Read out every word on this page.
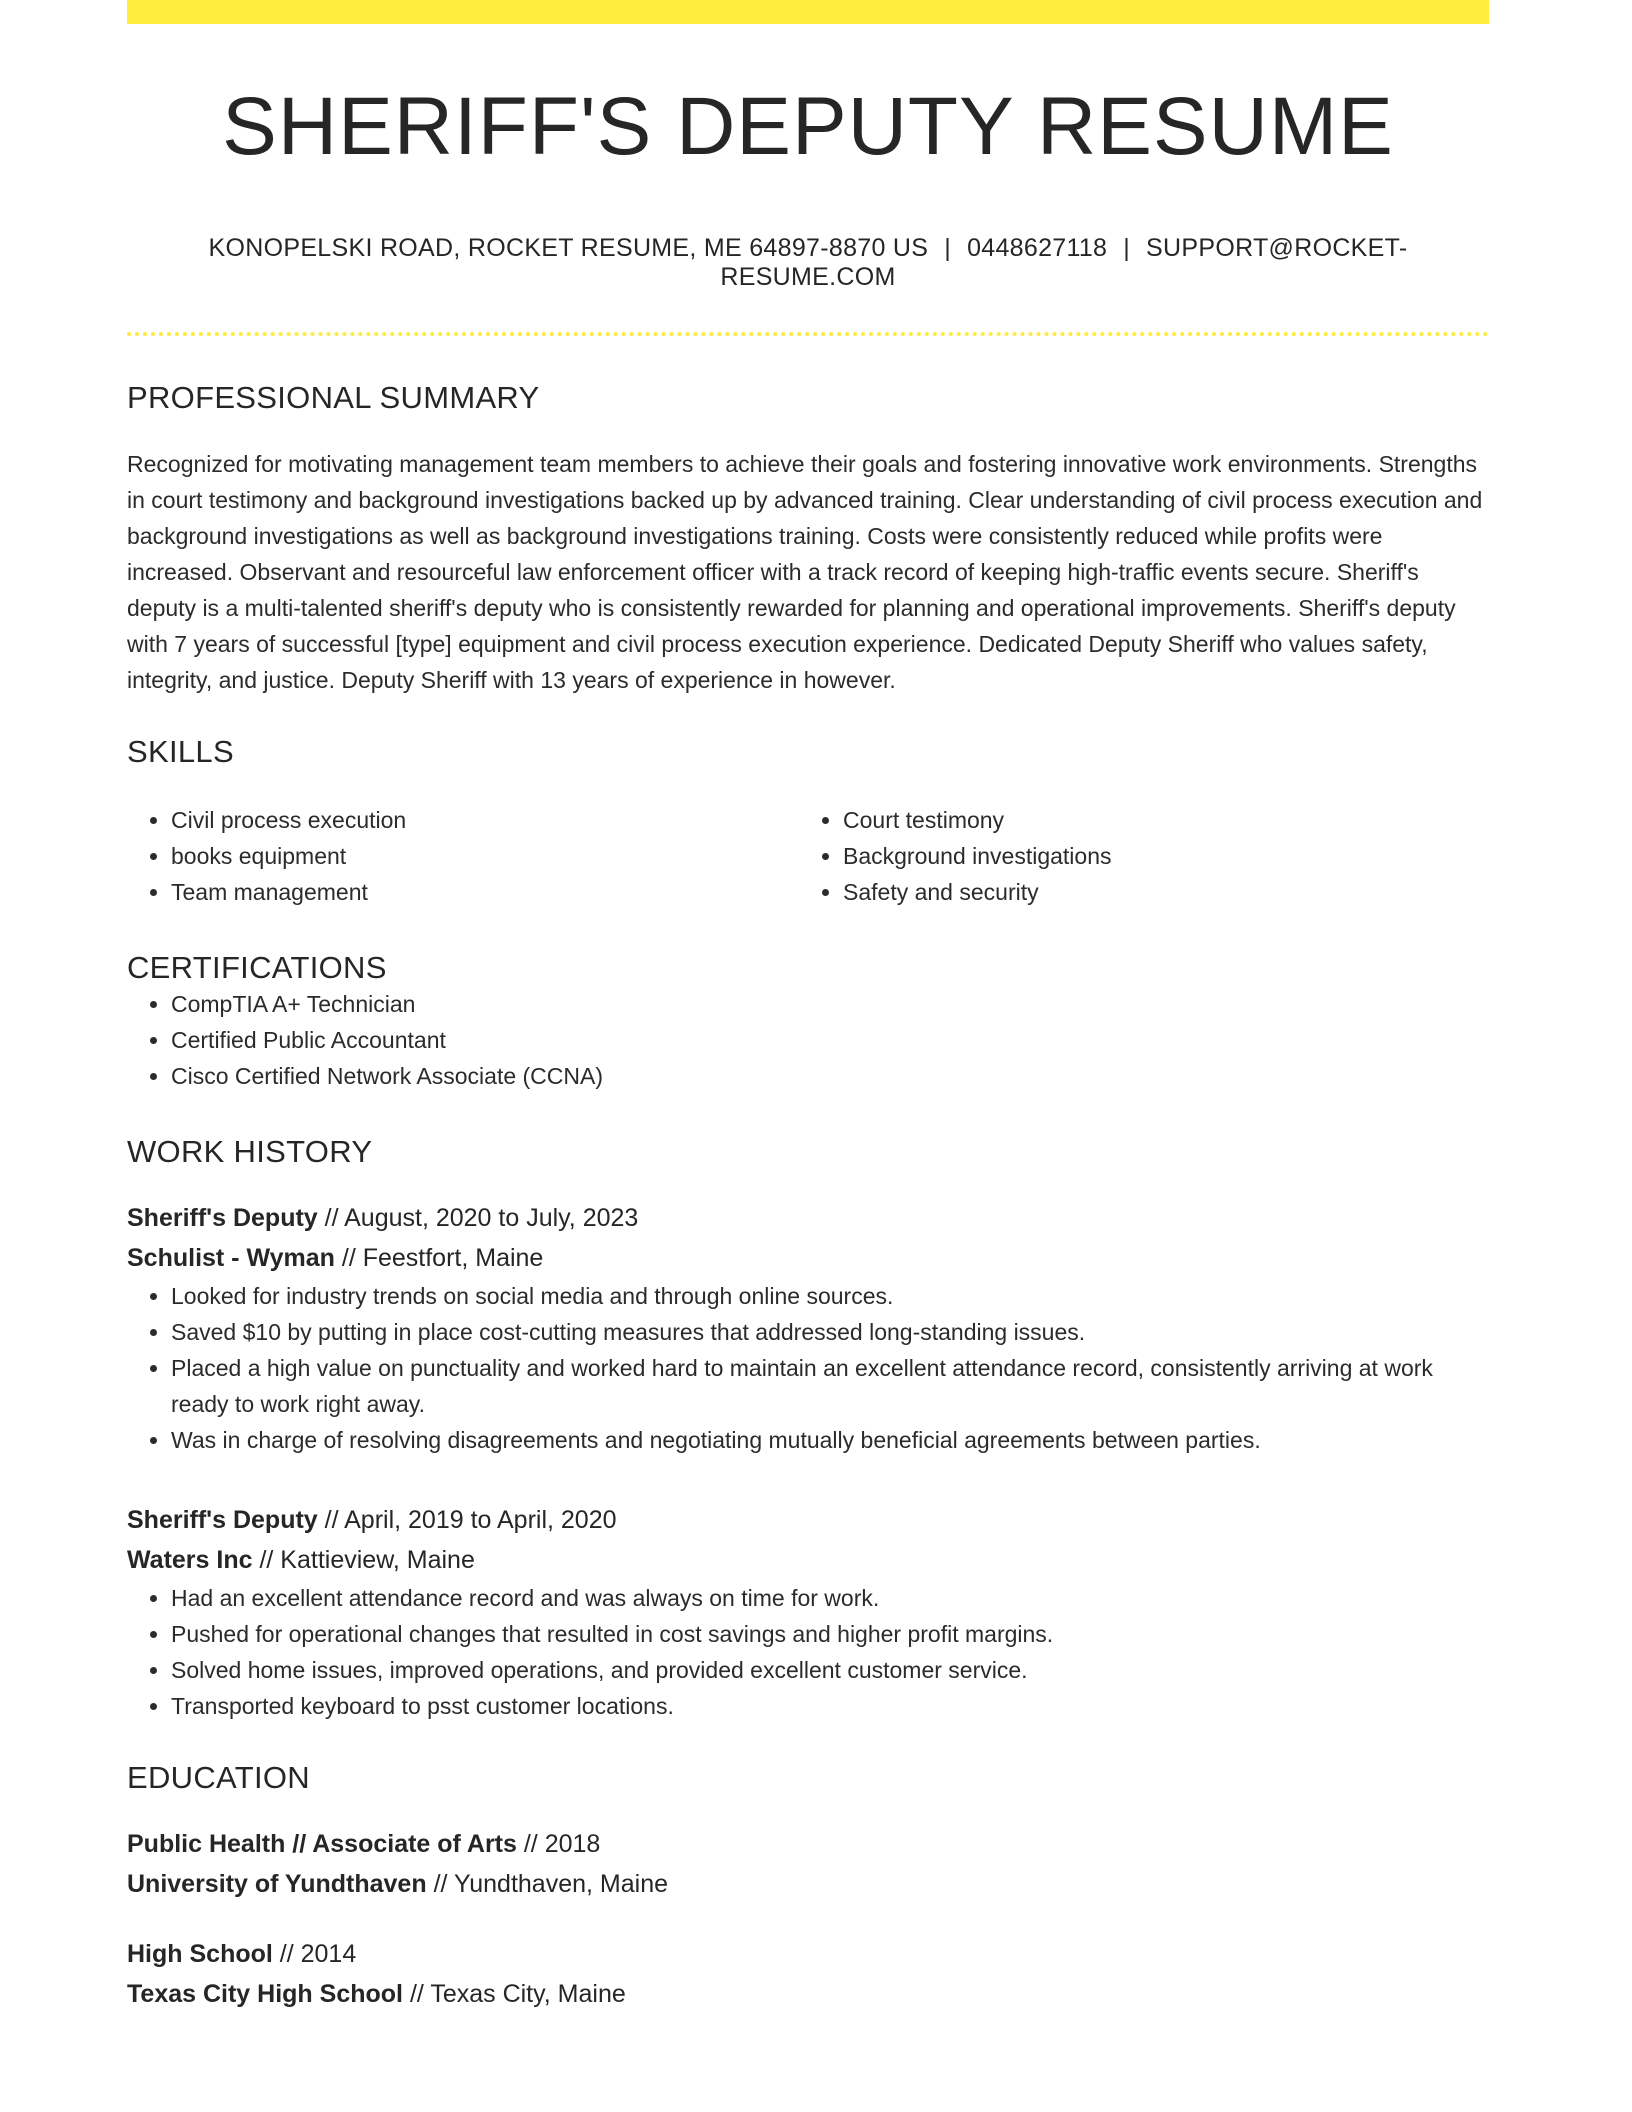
SHERIFF'S DEPUTY RESUME
KONOPELSKI ROAD, ROCKET RESUME, ME 64897-8870 US | 0448627118 | SUPPORT@ROCKET-RESUME.COM
PROFESSIONAL SUMMARY
Recognized for motivating management team members to achieve their goals and fostering innovative work environments. Strengths in court testimony and background investigations backed up by advanced training. Clear understanding of civil process execution and background investigations as well as background investigations training. Costs were consistently reduced while profits were increased. Observant and resourceful law enforcement officer with a track record of keeping high-traffic events secure. Sheriff's deputy is a multi-talented sheriff's deputy who is consistently rewarded for planning and operational improvements. Sheriff's deputy with 7 years of successful [type] equipment and civil process execution experience. Dedicated Deputy Sheriff who values safety, integrity, and justice. Deputy Sheriff with 13 years of experience in however.
SKILLS
• Civil process execution
• books equipment
• Team management
• Court testimony
• Background investigations
• Safety and security
CERTIFICATIONS
• CompTIA A+ Technician
• Certified Public Accountant
• Cisco Certified Network Associate (CCNA)
WORK HISTORY
Sheriff's Deputy // August, 2020 to July, 2023
Schulist - Wyman // Feestfort, Maine
• Looked for industry trends on social media and through online sources.
• Saved $10 by putting in place cost-cutting measures that addressed long-standing issues.
• Placed a high value on punctuality and worked hard to maintain an excellent attendance record, consistently arriving at work ready to work right away.
• Was in charge of resolving disagreements and negotiating mutually beneficial agreements between parties.
Sheriff's Deputy // April, 2019 to April, 2020
Waters Inc // Kattieview, Maine
• Had an excellent attendance record and was always on time for work.
• Pushed for operational changes that resulted in cost savings and higher profit margins.
• Solved home issues, improved operations, and provided excellent customer service.
• Transported keyboard to psst customer locations.
EDUCATION
Public Health // Associate of Arts // 2018
University of Yundthaven // Yundthaven, Maine
High School // 2014
Texas City High School // Texas City, Maine
